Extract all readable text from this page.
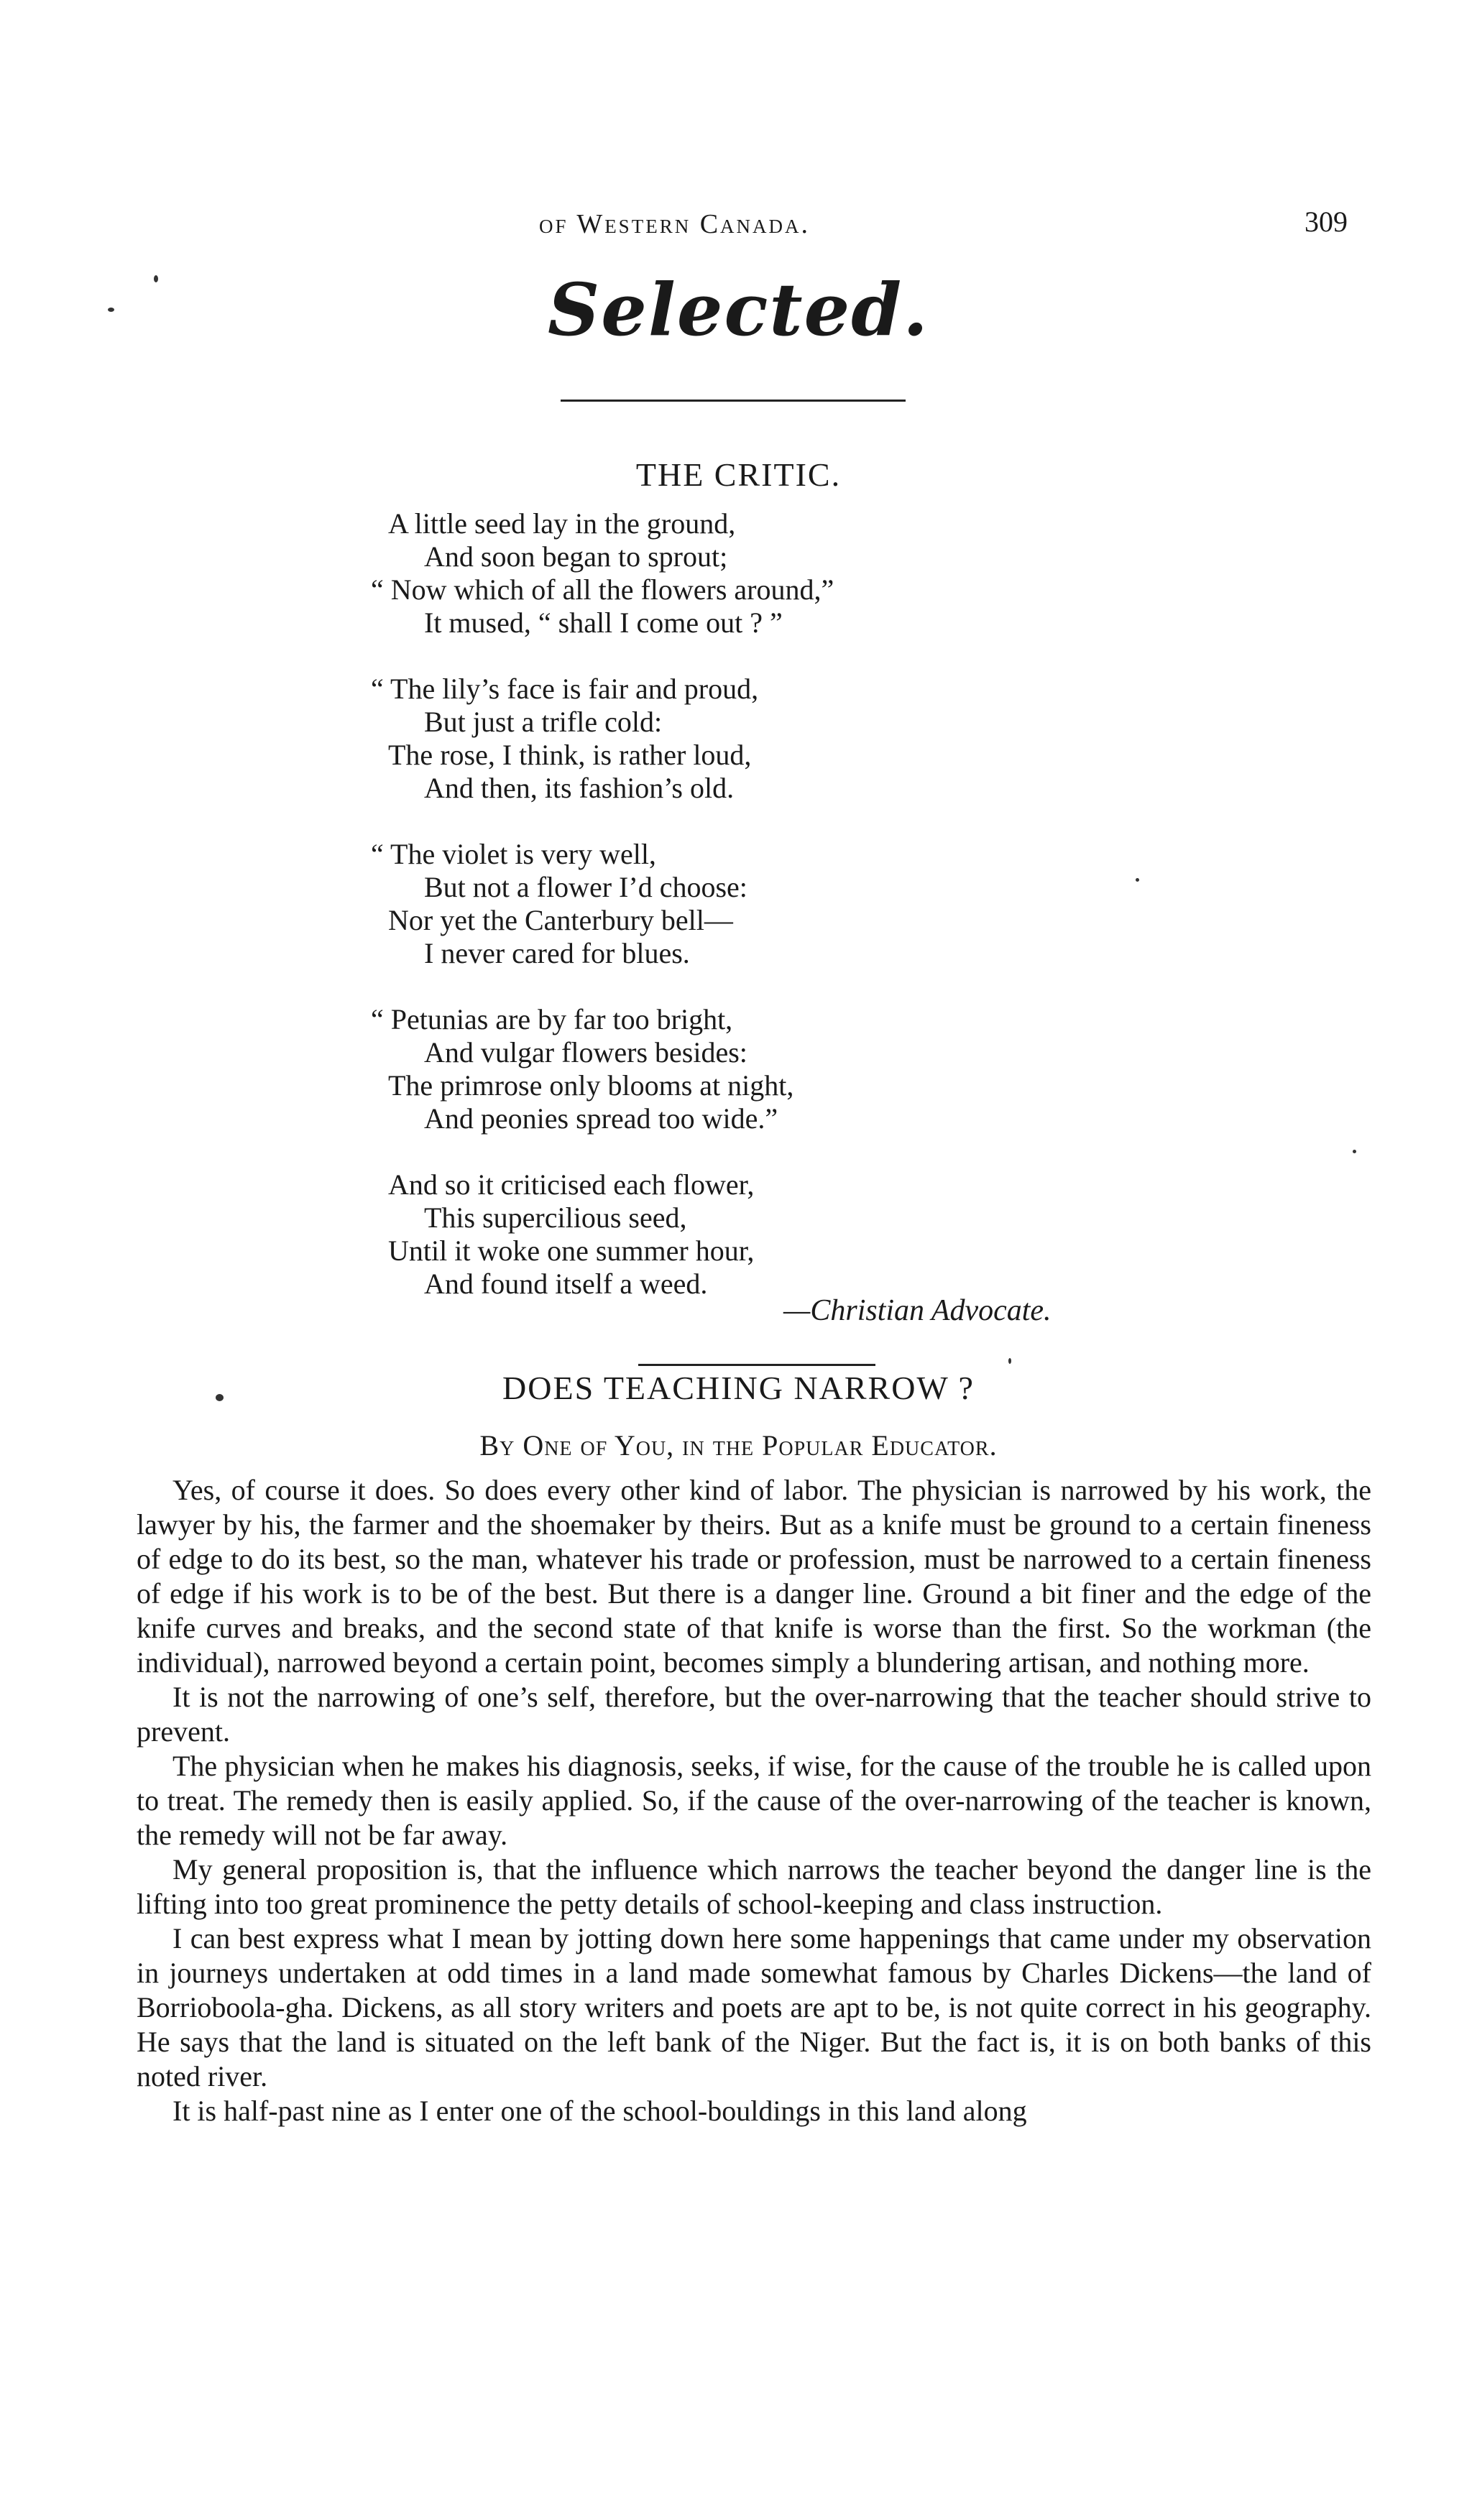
of Western Canada.	309
Selected.
THE CRITIC.
A little seed lay in the ground,
And soon began to sprout;
“ Now which of all the flowers around,”
It mused, “ shall I come out ? ”
“ The lily’s face is fair and proud,
But just a trifle cold:
The rose, I think, is rather loud,
And then, its fashion’s old.
“ The violet is very well,
But not a flower I’d choose:
Nor yet the Canterbury bell—
I never cared for blues.
“ Petunias are by far too bright,
And vulgar flowers besides:
The primrose only blooms at night,
And peonies spread too wide.”
And so it criticised each flower,
This supercilious seed,
Until it woke one summer hour,
And found itself a weed.
—Christian Advocate.
DOES TEACHING NARROW ?
By One of You, in the Popular Educator.

Yes, of course it does. So does every other kind of labor. The physician is narrowed by his work, the lawyer by his, the farmer and the shoemaker by theirs. But as a knife must be ground to a certain fineness of edge to do its best, so the man, whatever his trade or profession, must be narrowed to a certain fineness of edge if his work is to be of the best. But there is a danger line. Ground a bit finer and the edge of the knife curves and breaks, and the second state of that knife is worse than the first. So the workman (the individual), narrowed beyond a certain point, becomes simply a blundering artisan, and nothing more.

It is not the narrowing of one’s self, therefore, but the over-narrowing that the teacher should strive to prevent.

The physician when he makes his diagnosis, seeks, if wise, for the cause of the trouble he is called upon to treat. The remedy then is easily applied. So, if the cause of the over-narrowing of the teacher is known, the remedy will not be far away.

My general proposition is, that the influence which narrows the teacher beyond the danger line is the lifting into too great prominence the petty details of school-keeping and class instruction.

I can best express what I mean by jotting down here some happenings that came under my observation in journeys undertaken at odd times in a land made somewhat famous by Charles Dickens—the land of Borrioboola-gha. Dickens, as all story writers and poets are apt to be, is not quite correct in his geography. He says that the land is situated on the left bank of the Niger. But the fact is, it is on both banks of this noted river.

It is half-past nine as I enter one of the school-bouldings in this land along
